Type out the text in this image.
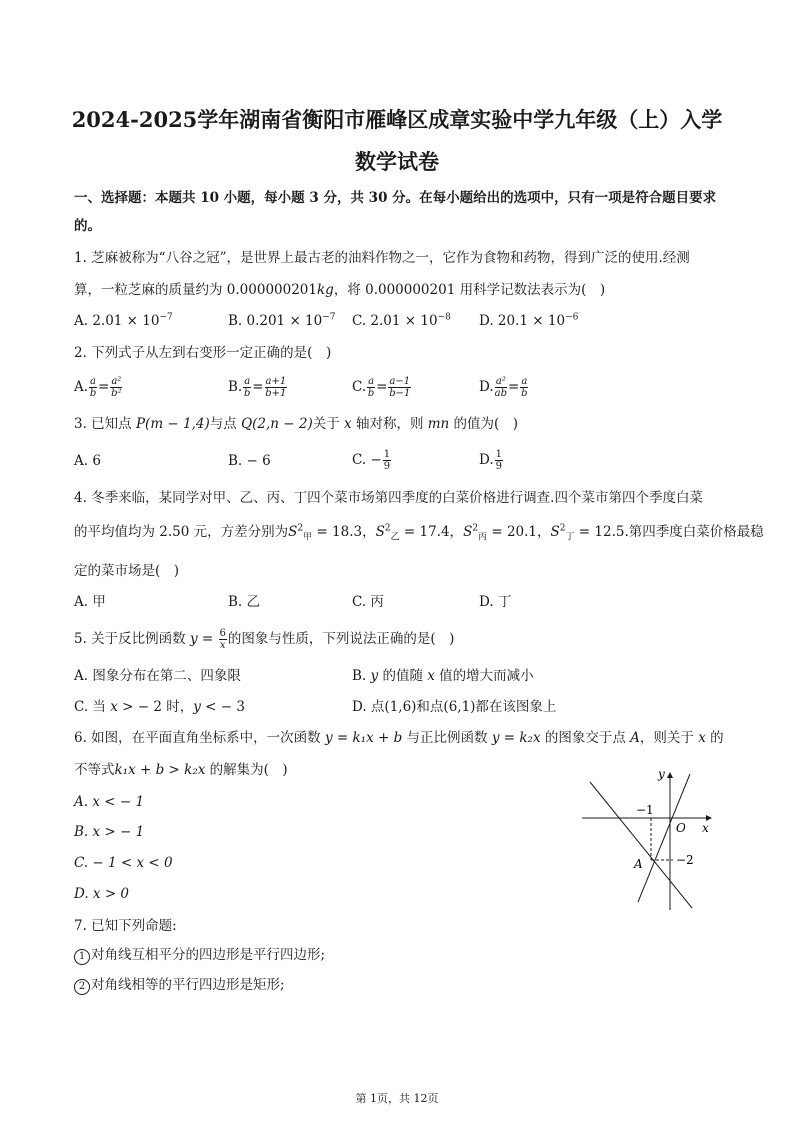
2024-2025学年湖南省衡阳市雁峰区成章实验中学九年级（上）入学
数学试卷
一、选择题：本题共 10 小题，每小题 3 分，共 30 分。在每小题给出的选项中，只有一项是符合题目要求
的。
1. 芝麻被称为“八谷之冠”，是世界上最古老的油料作物之一，它作为食物和药物，得到广泛的使用.经测
算，一粒芝麻的质量约为 0.000000201kg，将 0.000000201 用科学记数法表示为(　)
A. $2.01 \times 10^{-7}$	B. $0.201 \times 10^{-7}$ C. $2.01 \times 10^{-8}$ D. $20.1 \times 10^{-6}$
2. 下列式子从左到右变形一定正确的是(　)
A. $\frac{a}{b} = \frac{\text{a²}}{\text{b²}}$	B. $\frac{a}{b} = \frac{a+1}{b+1}$	C. $\frac{a}{b} = \frac{a-1}{b-1}$	D. $\frac{\text{a²}}{ab} = \frac{a}{b}$
3. 已知点 P(m − 1,4)与点 Q(2,n − 2)关于 x 轴对称，则 mn 的值为(　)
A. 6	B. − 6	C. − $\frac{1}{9}$	D. $\frac{1}{9}$
4. 冬季来临，某同学对甲、乙、丙、丁四个菜市场第四季度的白菜价格进行调查.四个菜市第四个季度白菜
的平均值均为 2.50 元，方差分别为$S^2_甲 = 18.3$，$S^2_乙 = 17.4$，$S^2_丙 = 20.1$，$S^2_丁 = 12.5$.第四季度白菜价格最稳
定的菜市场是(　)
A. 甲	B. 乙	C. 丙	D. 丁
5. 关于反比例函数 $y = \frac{6}{x}$ 的图象与性质，下列说法正确的是(　)
A. 图象分布在第二、四象限	B. y 的值随 x 值的增大而减小
C. 当 x > − 2 时，y < − 3	D. 点(1,6)和点(6,1)都在该图象上
6. 如图，在平面直角坐标系中，一次函数 y = k₁x + b 与正比例函数 y = k₂x 的图象交于点 A，则关于 x 的
不等式k₁x + b > k₂x 的解集为(　)
A. x < − 1
B. x > − 1
C. − 1 < x < 0
D. x > 0
y
x
O
−1
−2
A
7. 已知下列命题:
1 对角线互相平分的四边形是平行四边形;
2 对角线相等的平行四边形是矩形;
第 1页，共 12页
